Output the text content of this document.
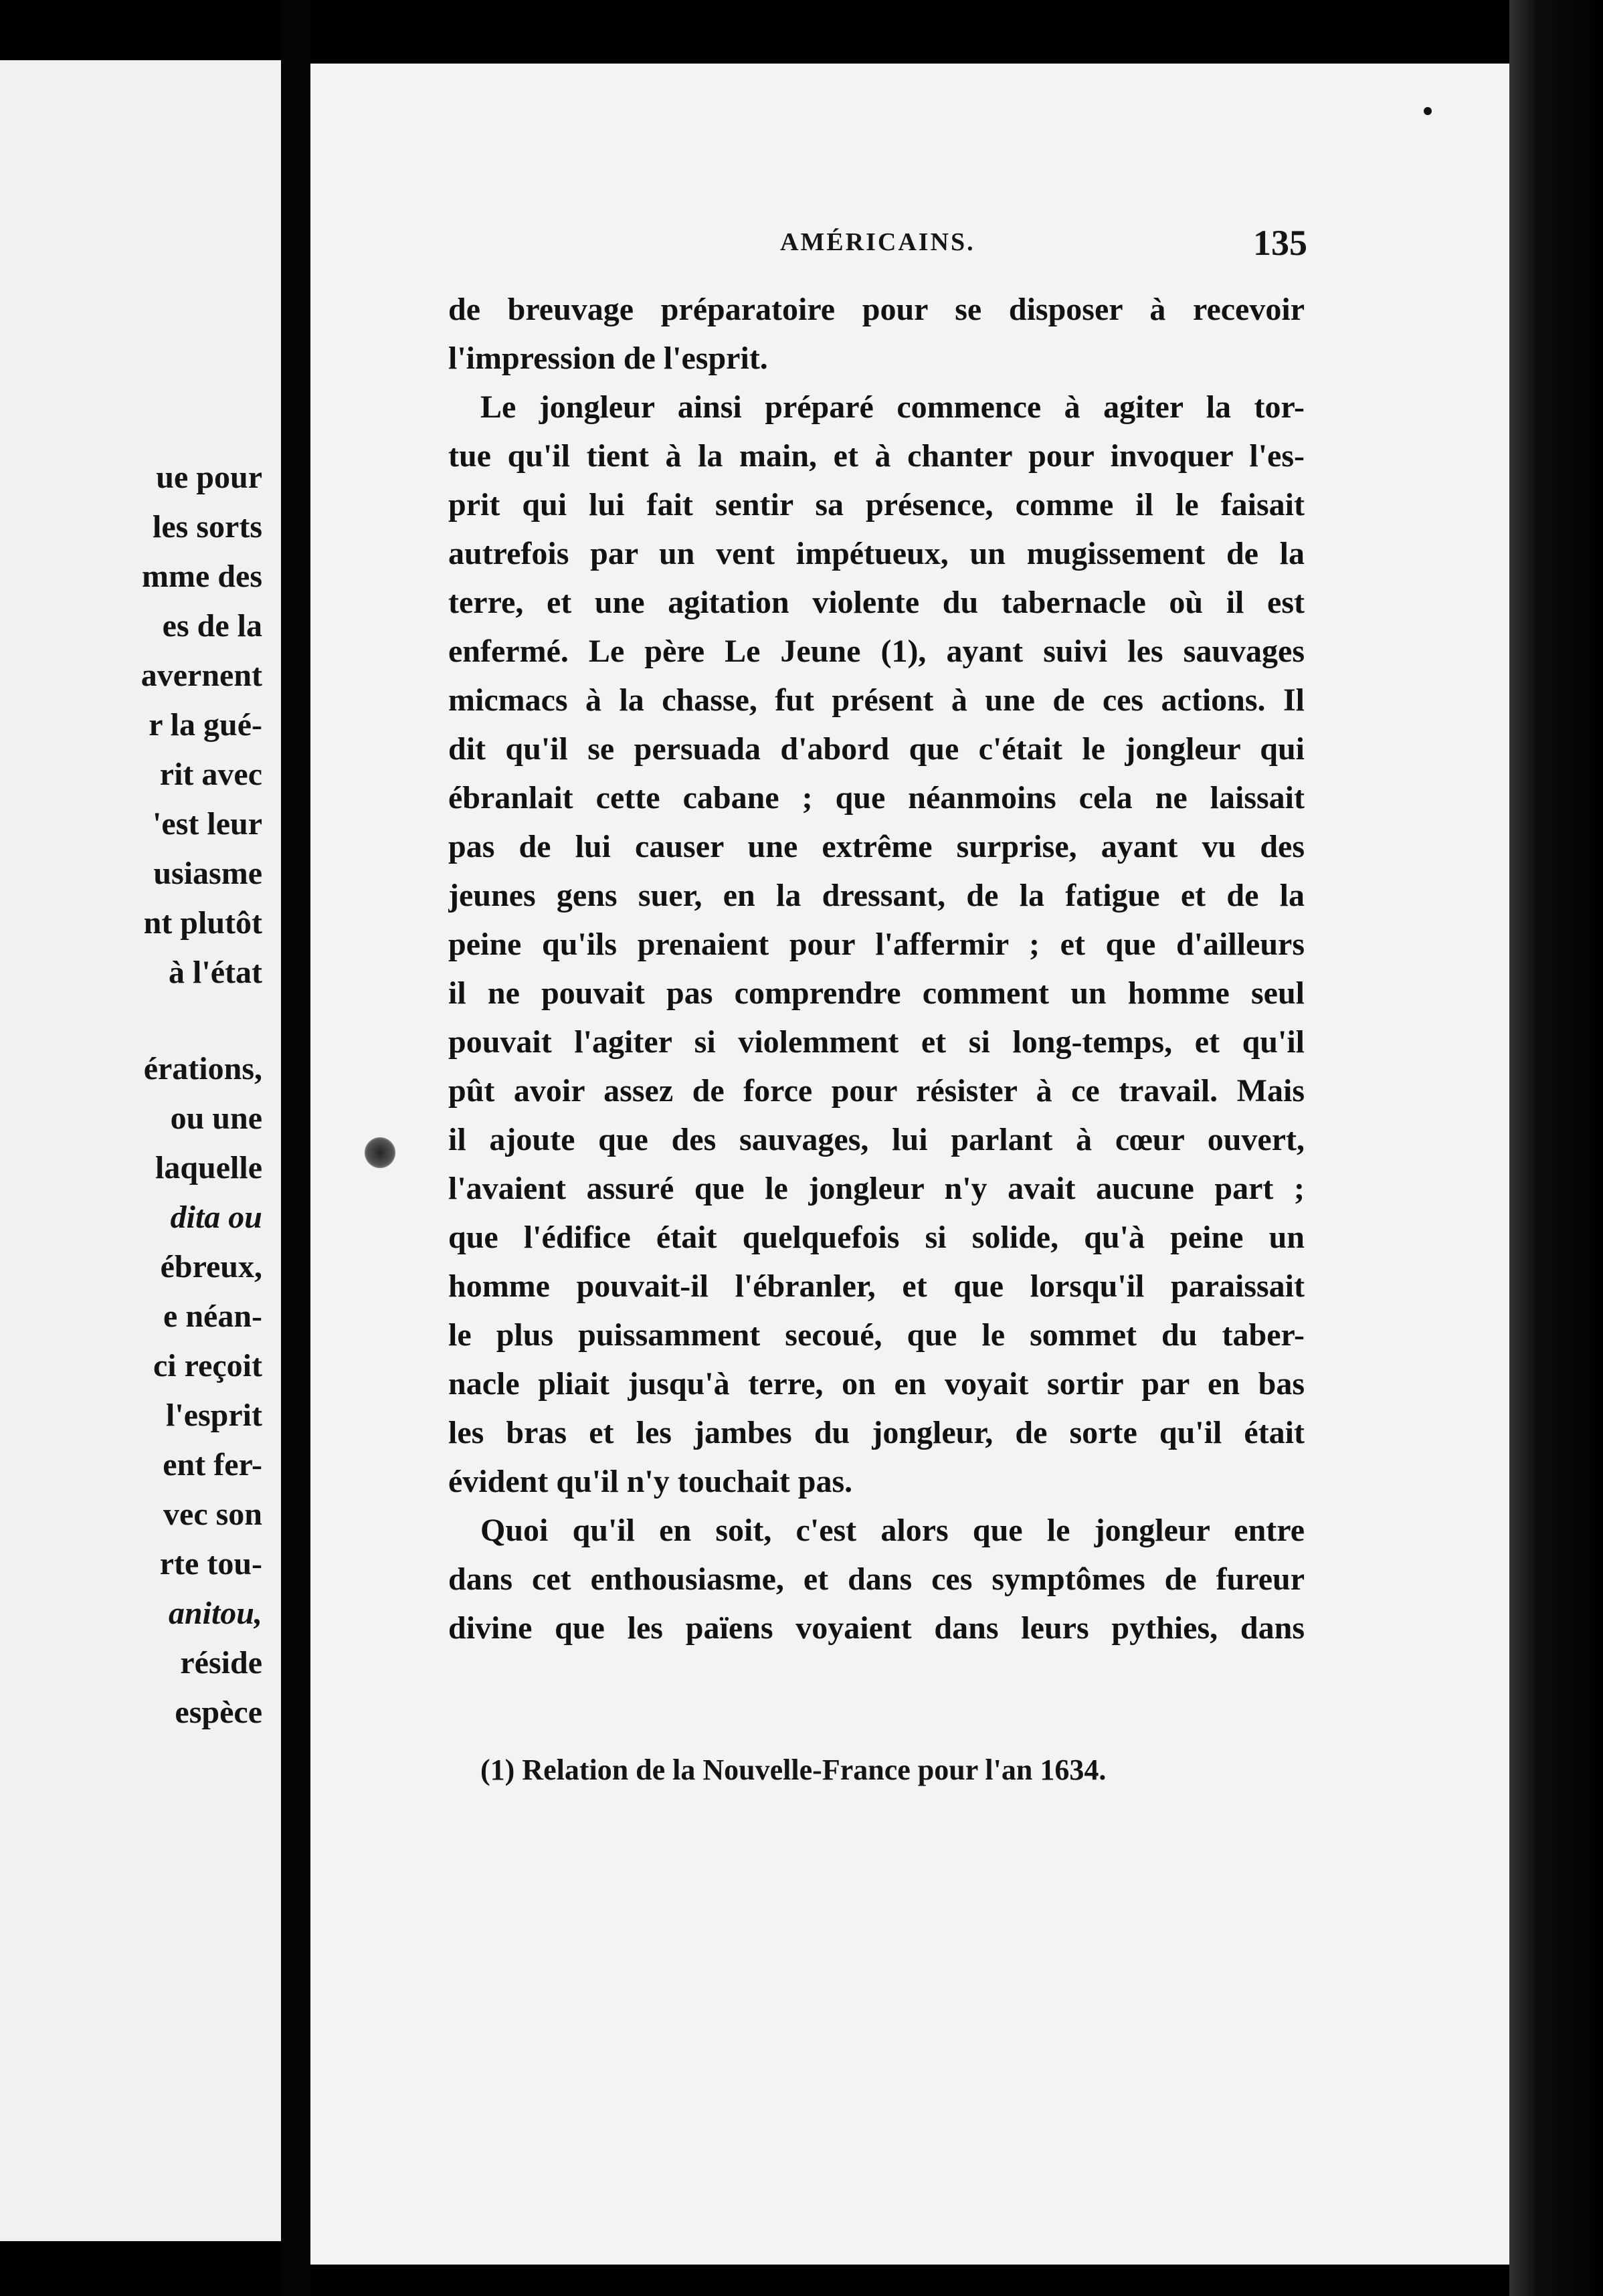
ue pour
les sorts
mme des
es de la
avernent
r la gué-
rit avec
'est leur
usiasme
nt plutôt
à l'état
érations,
ou une
laquelle
dita ou
ébreux,
e néan-
ci reçoit
l'esprit
ent fer-
vec son
rte tou-
anitou,
réside
espèce
AMÉRICAINS.	135
de breuvage préparatoire pour se disposer à recevoir
l'impression de l'esprit.
Le jongleur ainsi préparé commence à agiter la tor-
tue qu'il tient à la main, et à chanter pour invoquer l'es-
prit qui lui fait sentir sa présence, comme il le faisait
autrefois par un vent impétueux, un mugissement de la
terre, et une agitation violente du tabernacle où il est
enfermé. Le père Le Jeune (1), ayant suivi les sauvages
micmacs à la chasse, fut présent à une de ces actions. Il
dit qu'il se persuada d'abord que c'était le jongleur qui
ébranlait cette cabane ; que néanmoins cela ne laissait
pas de lui causer une extrême surprise, ayant vu des
jeunes gens suer, en la dressant, de la fatigue et de la
peine qu'ils prenaient pour l'affermir ; et que d'ailleurs
il ne pouvait pas comprendre comment un homme seul
pouvait l'agiter si violemment et si long-temps, et qu'il
pût avoir assez de force pour résister à ce travail. Mais
il ajoute que des sauvages, lui parlant à cœur ouvert,
l'avaient assuré que le jongleur n'y avait aucune part ;
que l'édifice était quelquefois si solide, qu'à peine un
homme pouvait-il l'ébranler, et que lorsqu'il paraissait
le plus puissamment secoué, que le sommet du taber-
nacle pliait jusqu'à terre, on en voyait sortir par en bas
les bras et les jambes du jongleur, de sorte qu'il était
évident qu'il n'y touchait pas.
Quoi qu'il en soit, c'est alors que le jongleur entre
dans cet enthousiasme, et dans ces symptômes de fureur
divine que les païens voyaient dans leurs pythies, dans
(1) Relation de la Nouvelle-France pour l'an 1634.
